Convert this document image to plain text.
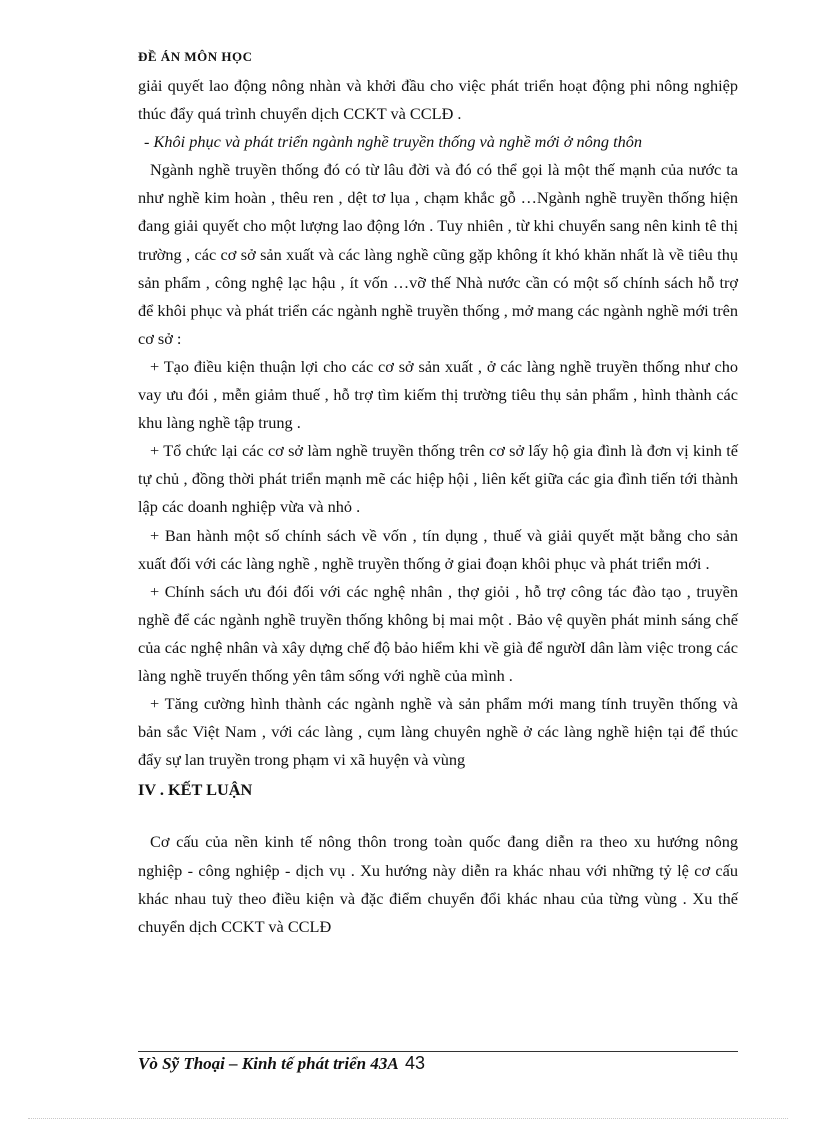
ĐỀ ÁN MÔN HỌC

giải quyết lao động nông nhàn và khởi đầu cho việc phát triển hoạt động phi nông nghiệp thúc đẩy quá trình chuyển dịch CCKT và CCLĐ .

- Khôi phục và phát triển ngành nghề truyền thống và nghề mới ở nông thôn

Ngành nghề truyền thống đó có từ lâu đời và đó có thể gọi là một thế mạnh của nước ta như nghề kim hoàn , thêu ren , dệt tơ lụa , chạm khắc gỗ …Ngành nghề truyền thống hiện đang giải quyết cho một lượng lao động lớn . Tuy nhiên , từ khi chuyển sang nên kinh tê thị trường , các cơ sở sản xuất và các làng nghề cũng gặp không ít khó khăn nhất là về tiêu thụ sản phẩm , công nghệ lạc hậu , ít vốn …vỡ thế Nhà nước cần có một số chính sách hỗ trợ để khôi phục và phát triển các ngành nghề truyền thống , mở mang các ngành nghề mới trên cơ sở :

+ Tạo điều kiện thuận lợi cho các cơ sở sản xuất , ở các làng nghề truyền thống như cho vay ưu đói , mễn giảm thuế , hỗ trợ tìm kiếm thị trường tiêu thụ sản phẩm , hình thành các khu làng nghề tập trung .

+ Tổ chức lại các cơ sở làm nghề truyền thống trên cơ sở lấy hộ gia đình là đơn vị kinh tế tự chủ , đồng thời phát triển mạnh mẽ các hiệp hội , liên kết giữa các gia đình tiến tới thành lập các doanh nghiệp vừa và nhỏ .

+ Ban hành một số chính sách về vốn , tín dụng , thuế và giải quyết mặt bằng cho sản xuất đối với các làng nghề , nghề truyền thống ở giai đoạn khôi phục và phát triển mới .

+ Chính sách ưu đói đối với các nghệ nhân , thợ giỏi , hỗ trợ công tác đào tạo , truyền nghề để các ngành nghề truyền thống không bị mai một . Bảo vệ quyền phát minh sáng chế của các nghệ nhân và xây dựng chế độ bảo hiểm khi về già để ngườI dân làm việc trong các làng nghề truyến thống yên tâm sống với nghề của mình .

+ Tăng cường hình thành các ngành nghề và sản phẩm mới mang tính truyền thống và bản sắc Việt Nam , với các làng , cụm làng chuyên nghề ở các làng nghề hiện tại để thúc đẩy sự lan truyền trong phạm vi xã huyện và vùng

IV . KẾT LUẬN

Cơ cấu của nền kinh tế nông thôn trong toàn quốc đang diễn ra theo xu hướng nông nghiệp - công nghiệp - dịch vụ . Xu hướng này diễn ra khác nhau với những tỷ lệ cơ cấu khác nhau tuỳ theo điều kiện và đặc điểm chuyển đổi khác nhau của từng vùng . Xu thế chuyển dịch CCKT và CCLĐ

Vò Sỹ Thoại – Kinh tế phát triển 43A 43
